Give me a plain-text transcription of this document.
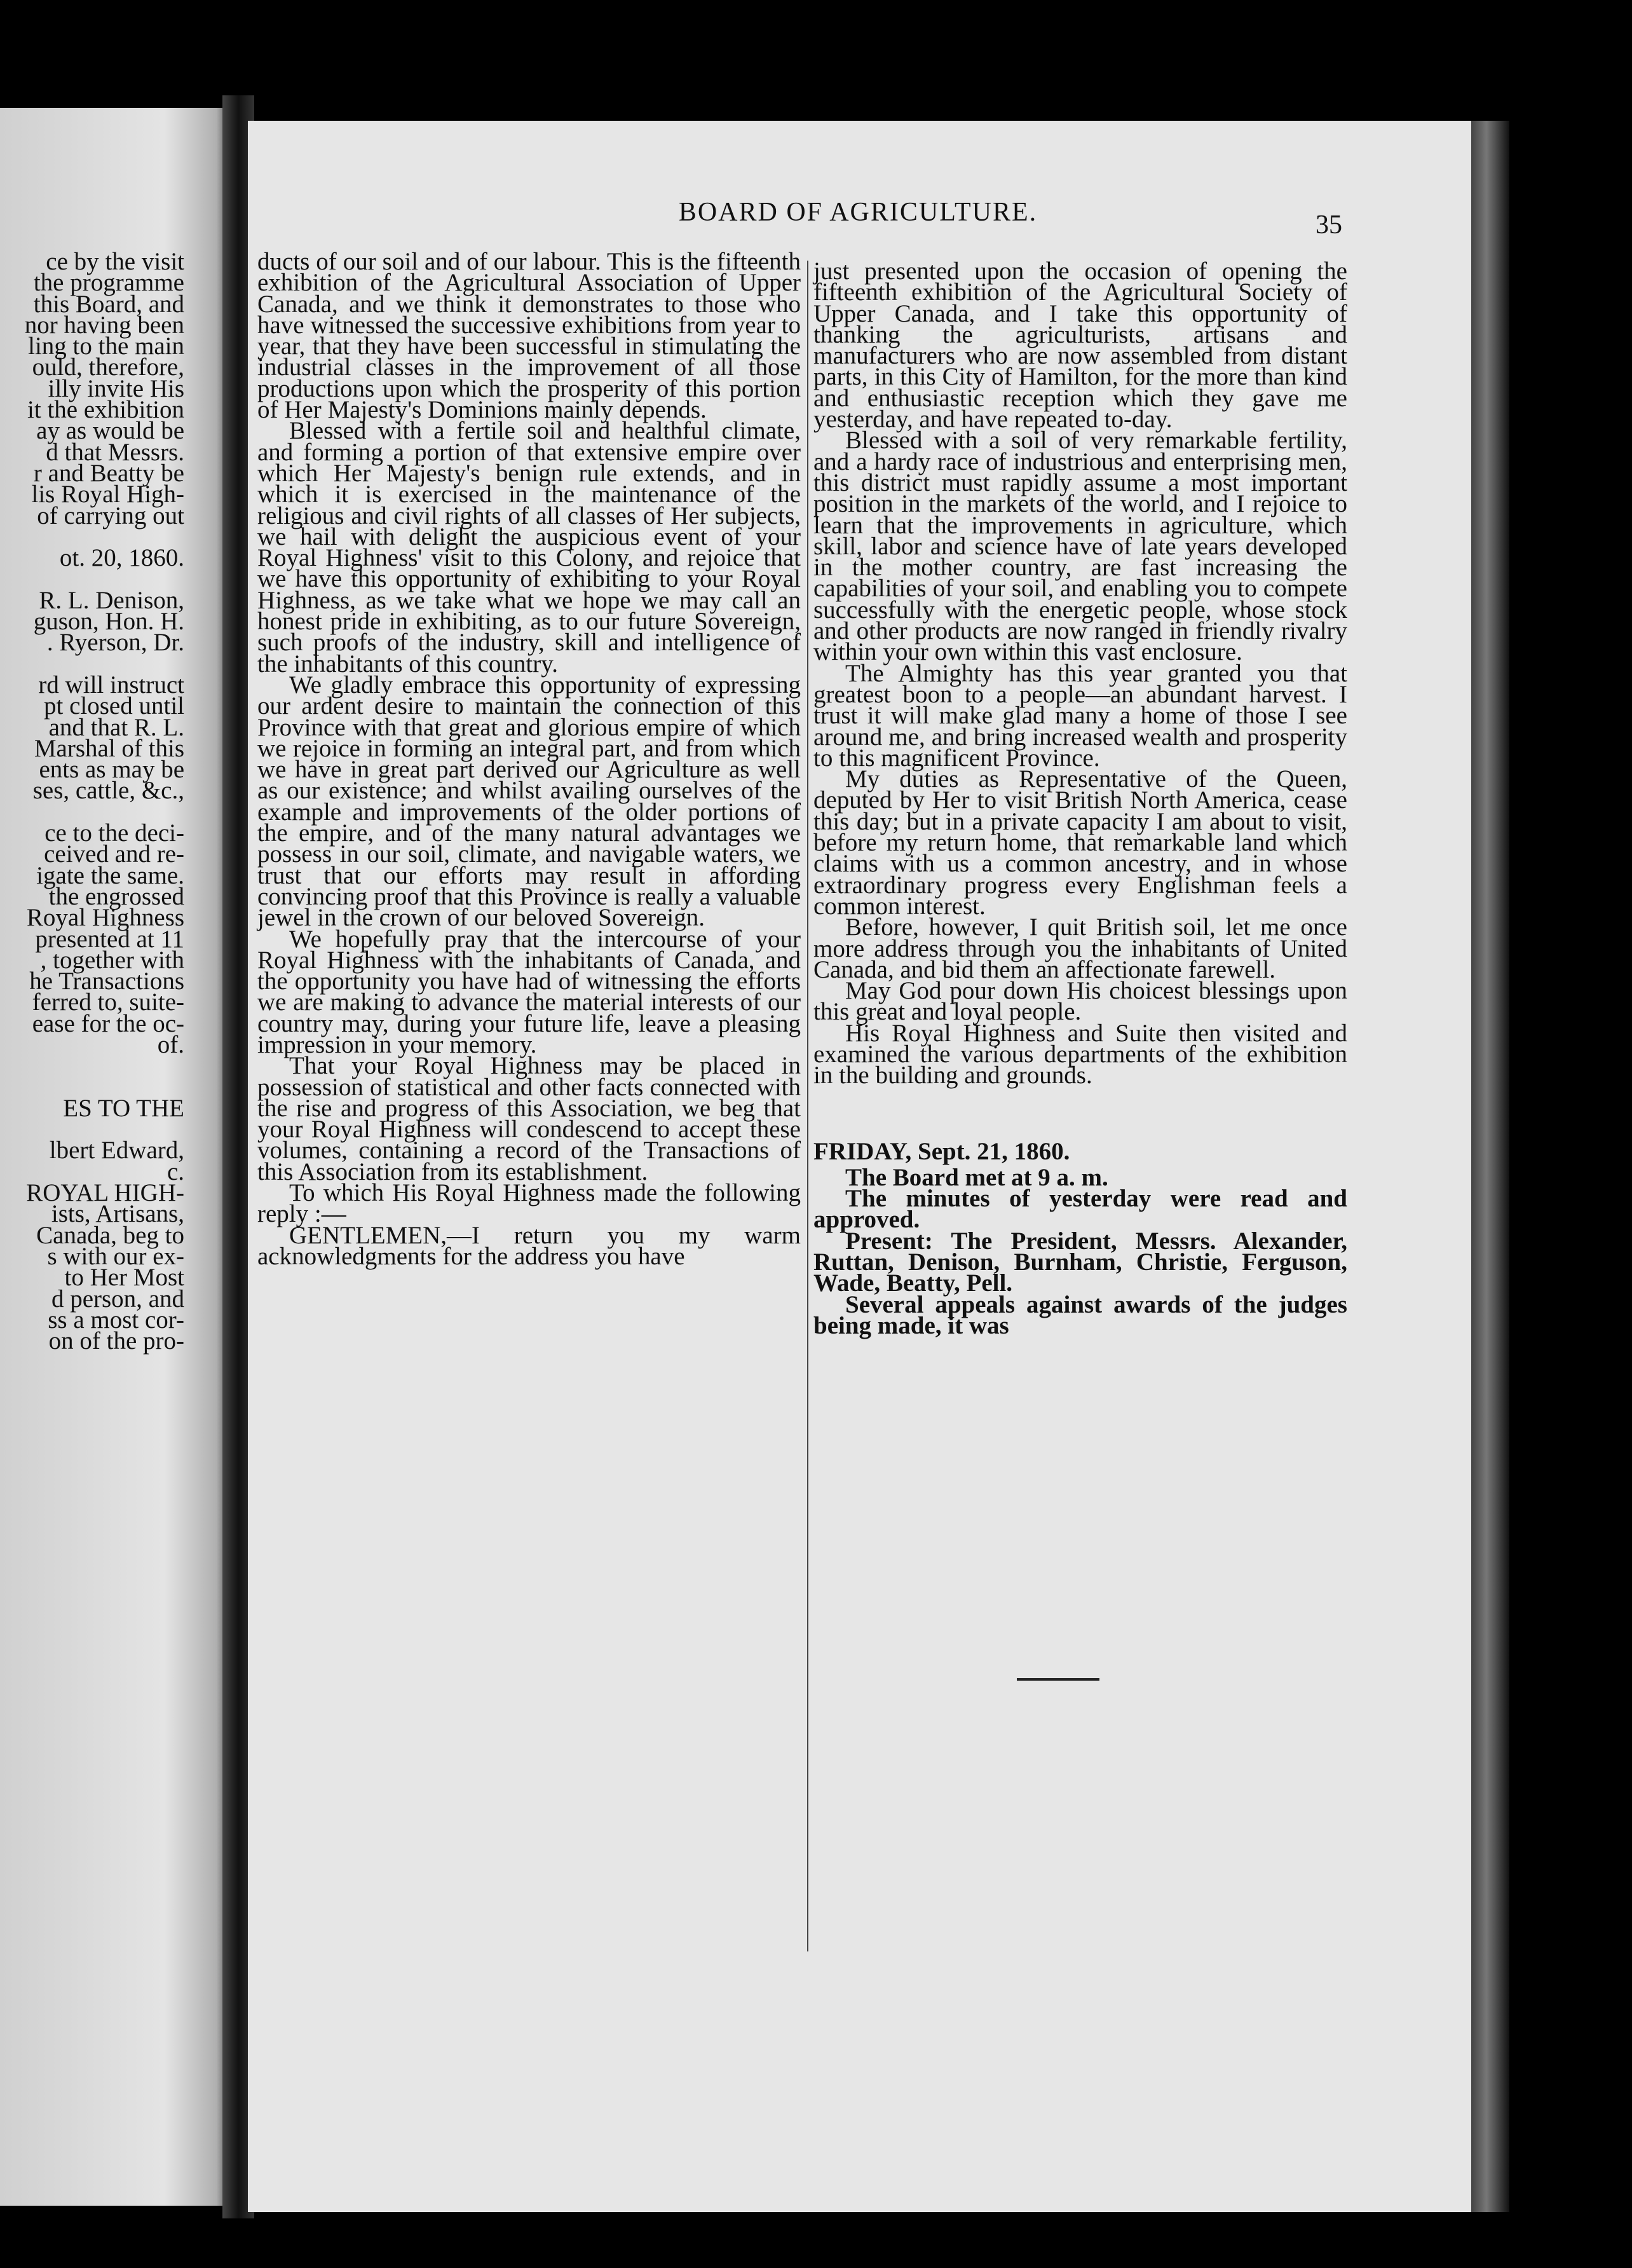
BOARD OF AGRICULTURE.	35
ce by the visit
the programme
this Board, and
nor having been
ling to the main
ould, therefore,
illy invite His
it the exhibition
ay as would be
d that Messrs.
r and Beatty be
lis Royal High-
of carrying out

ot. 20, 1860.

R. L. Denison,
guson, Hon. H.
. Ryerson, Dr.

rd will instruct
pt closed until
and that R. L.
Marshal of this
ents as may be
ses, cattle, &c.,

ce to the deci-
ceived and re-
igate the same.
the engrossed
Royal Highness
presented at 11
, together with
he Transactions
ferred to, suite-
ease for the oc-
of.

ES TO THE

lbert Edward,
c.
ROYAL HIGH-
ists, Artisans,
Canada, beg to
s with our ex-
to Her Most
d person, and
ss a most cor-
on of the pro-

ducts of our soil and of our labour. This is the fifteenth exhibition of the Agricultural Association of Upper Canada, and we think it demonstrates to those who have witnessed the successive exhibitions from year to year, that they have been successful in stimulating the industrial classes in the improvement of all those productions upon which the prosperity of this portion of Her Majesty's Dominions mainly depends.

Blessed with a fertile soil and healthful climate, and forming a portion of that extensive empire over which Her Majesty's benign rule extends, and in which it is exercised in the maintenance of the religious and civil rights of all classes of Her subjects, we hail with delight the auspicious event of your Royal Highness' visit to this Colony, and rejoice that we have this opportunity of exhibiting to your Royal Highness, as we take what we hope we may call an honest pride in exhibiting, as to our future Sovereign, such proofs of the industry, skill and intelligence of the inhabitants of this country.

We gladly embrace this opportunity of expressing our ardent desire to maintain the connection of this Province with that great and glorious empire of which we rejoice in forming an integral part, and from which we have in great part derived our Agriculture as well as our existence; and whilst availing ourselves of the example and improvements of the older portions of the empire, and of the many natural advantages we possess in our soil, climate, and navigable waters, we trust that our efforts may result in affording convincing proof that this Province is really a valuable jewel in the crown of our beloved Sovereign.

We hopefully pray that the intercourse of your Royal Highness with the inhabitants of Canada, and the opportunity you have had of witnessing the efforts we are making to advance the material interests of our country may, during your future life, leave a pleasing impression in your memory.

That your Royal Highness may be placed in possession of statistical and other facts connected with the rise and progress of this Association, we beg that your Royal Highness will condescend to accept these volumes, containing a record of the Transactions of this Association from its establishment.

To which His Royal Highness made the following reply :—

GENTLEMEN,—I return you my warm acknowledgments for the address you have

just presented upon the occasion of opening the fifteenth exhibition of the Agricultural Society of Upper Canada, and I take this opportunity of thanking the agriculturists, artisans and manufacturers who are now assembled from distant parts, in this City of Hamilton, for the more than kind and enthusiastic reception which they gave me yesterday, and have repeated to-day.

Blessed with a soil of very remarkable fertility, and a hardy race of industrious and enterprising men, this district must rapidly assume a most important position in the markets of the world, and I rejoice to learn that the improvements in agriculture, which skill, labor and science have of late years developed in the mother country, are fast increasing the capabilities of your soil, and enabling you to compete successfully with the energetic people, whose stock and other products are now ranged in friendly rivalry within your own within this vast enclosure.

The Almighty has this year granted you that greatest boon to a people—an abundant harvest. I trust it will make glad many a home of those I see around me, and bring increased wealth and prosperity to this magnificent Province.

My duties as Representative of the Queen, deputed by Her to visit British North America, cease this day; but in a private capacity I am about to visit, before my return home, that remarkable land which claims with us a common ancestry, and in whose extraordinary progress every Englishman feels a common interest.

Before, however, I quit British soil, let me once more address through you the inhabitants of United Canada, and bid them an affectionate farewell.

May God pour down His choicest blessings upon this great and loyal people.

His Royal Highness and Suite then visited and examined the various departments of the exhibition in the building and grounds.

FRIDAY, Sept. 21, 1860.

The Board met at 9 a. m.

The minutes of yesterday were read and approved.

Present: The President, Messrs. Alexander, Ruttan, Denison, Burnham, Christie, Ferguson, Wade, Beatty, Pell.

Several appeals against awards of the judges being made, it was
